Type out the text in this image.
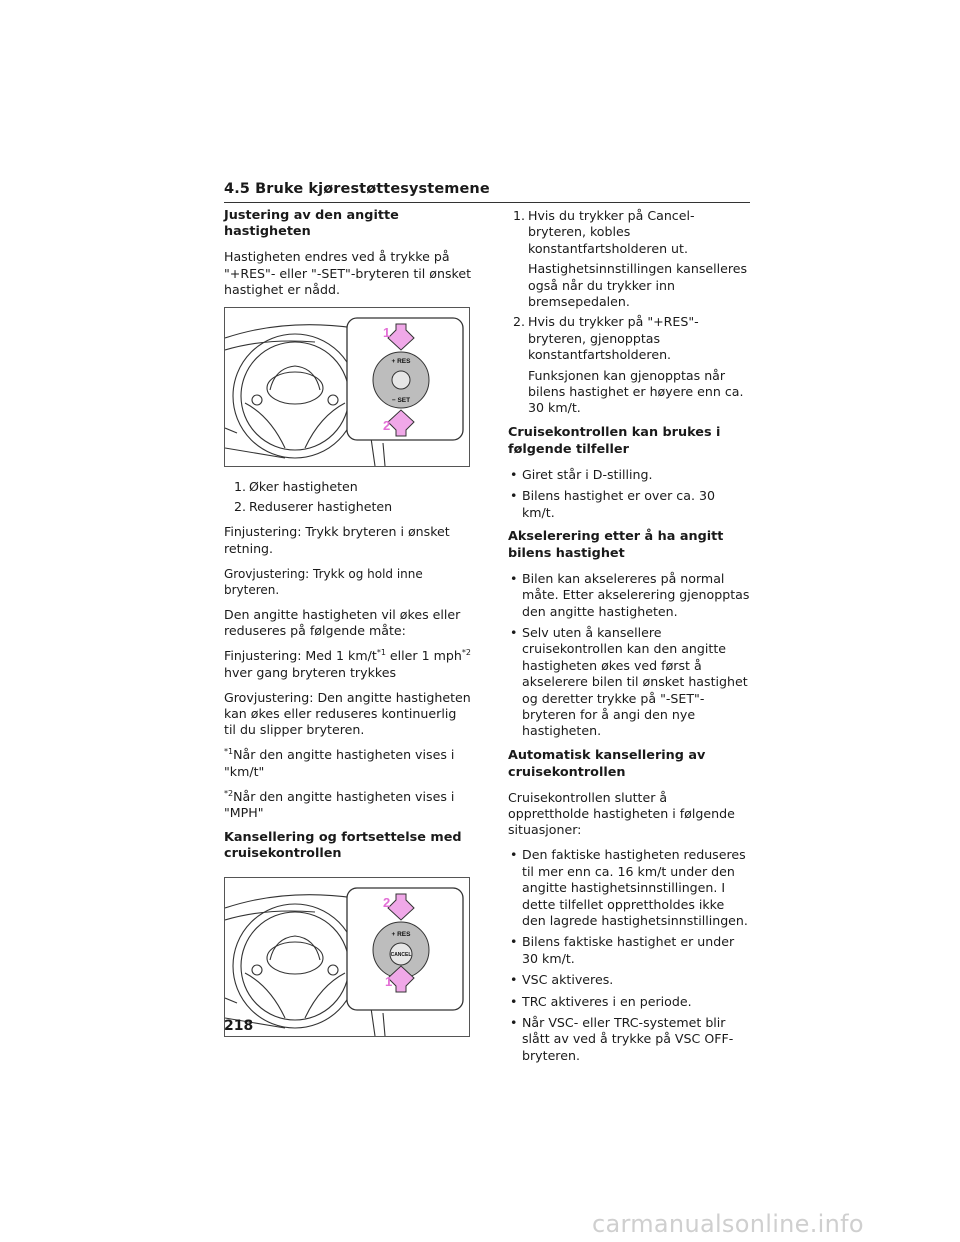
4.5 Bruke kjørestøttesystemene
Justering av den angitte hastigheten

Hastigheten endres ved å trykke på "+RES"- eller "-SET"-bryteren til ønsket hastighet er nådd.

+ RES
− SET
1
2
1. Øker hastigheten
2. Reduserer hastigheten

Finjustering: Trykk bryteren i ønsket retning.

Grovjustering: Trykk og hold inne bryteren.

Den angitte hastigheten vil økes eller reduseres på følgende måte:

Finjustering: Med 1 $km/t^{*1}$ eller 1 mph$^{*2}$ hver gang bryteren trykkes

Grovjustering: Den angitte hastigheten kan økes eller reduseres kontinuerlig til du slipper bryteren.

$^{*1}$Når den angitte hastigheten vises i "km/t"

$^{*2}$Når den angitte hastigheten vises i "MPH"

Kansellering og fortsettelse med cruisekontrollen
+ RES
CANCEL
2
1
1. Hvis du trykker på Cancel-bryteren, kobles konstantfartsholderen ut.
Hastighetsinnstillingen kanselleres også når du trykker inn bremsepedalen.
2. Hvis du trykker på "+RES"-bryteren, gjenopptas konstantfartsholderen.
Funksjonen kan gjenopptas når bilens hastighet er høyere enn ca. 30 km/t.
Cruisekontrollen kan brukes i følgende tilfeller
• Giret står i D-stilling.
• Bilens hastighet er over ca. 30 km/t.
Akselerering etter å ha angitt bilens hastighet
• Bilen kan akselereres på normal måte. Etter akselerering gjenopptas den angitte hastigheten.
• Selv uten å kansellere cruisekontrollen kan den angitte hastigheten økes ved først å akselerere bilen til ønsket hastighet og deretter trykke på "-SET"-bryteren for å angi den nye hastigheten.
Automatisk kansellering av cruisekontrollen

Cruisekontrollen slutter å opprettholde hastigheten i følgende situasjoner:

• Den faktiske hastigheten reduseres til mer enn ca. 16 km/t under den angitte hastighetsinnstillingen. I dette tilfellet opprettholdes ikke den lagrede hastighetsinnstillingen.
• Bilens faktiske hastighet er under 30 km/t.
• VSC aktiveres.
• TRC aktiveres i en periode.
• Når VSC- eller TRC-systemet blir slått av ved å trykke på VSC OFF-bryteren.
218
carmanualsonline.info
